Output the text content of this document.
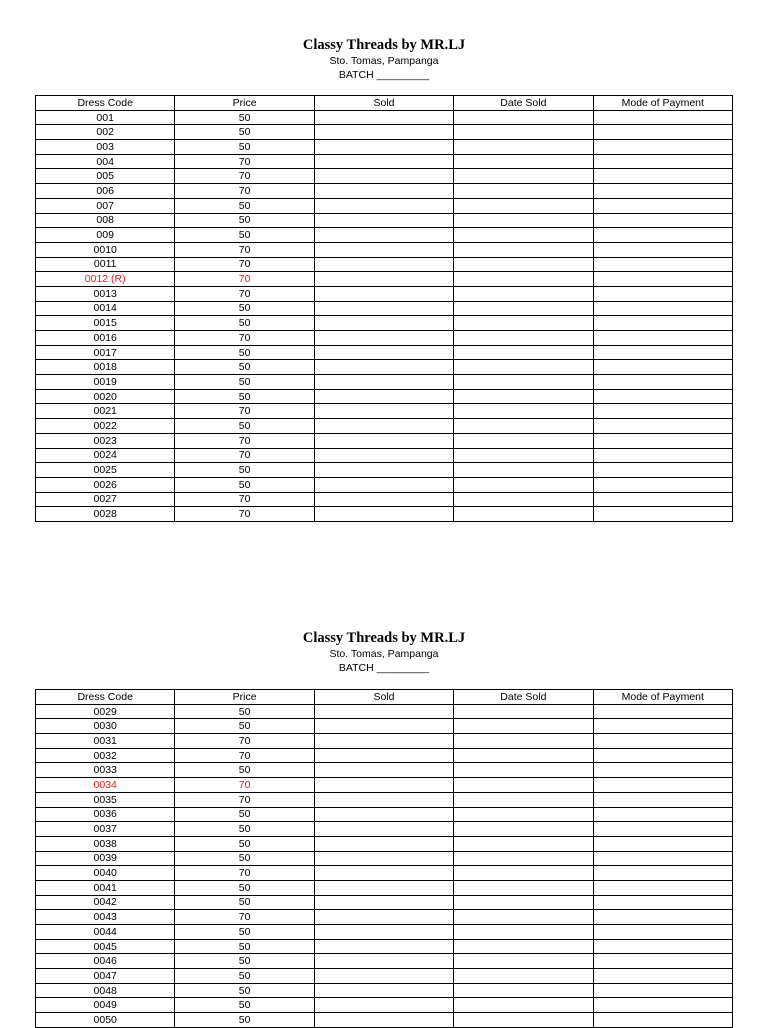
Classy Threads by MR.LJ
Sto. Tomas, Pampanga
BATCH _________
Dress Code	Price	Sold	Date Sold	Mode of Payment
001	50			
002	50			
003	50			
004	70			
005	70			
006	70			
007	50			
008	50			
009	50			
0010	70			
0011	70			
0012 (R)	70			
0013	70			
0014	50			
0015	50			
0016	70			
0017	50			
0018	50			
0019	50			
0020	50			
0021	70			
0022	50			
0023	70			
0024	70			
0025	50			
0026	50			
0027	70			
0028	70			
Classy Threads by MR.LJ
Sto. Tomas, Pampanga
BATCH _________
Dress Code	Price	Sold	Date Sold	Mode of Payment
0029	50			
0030	50			
0031	70			
0032	70			
0033	50			
0034	70			
0035	70			
0036	50			
0037	50			
0038	50			
0039	50			
0040	70			
0041	50			
0042	50			
0043	70			
0044	50			
0045	50			
0046	50			
0047	50			
0048	50			
0049	50			
0050	50			
